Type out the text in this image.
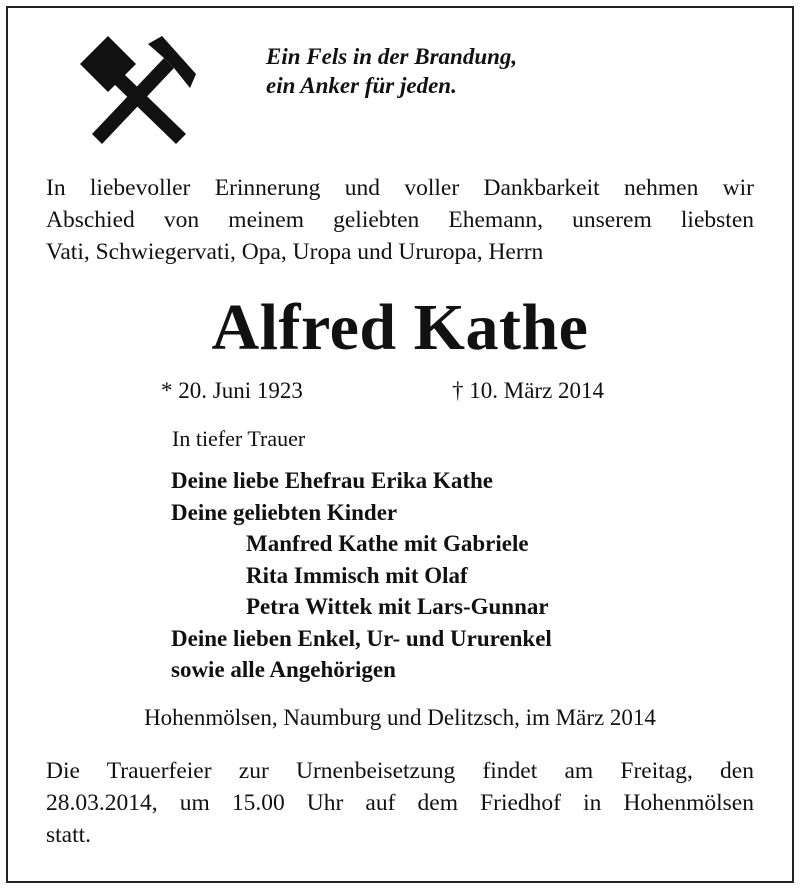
Ein Fels in der Brandung,
ein Anker für jeden.
In liebevoller Erinnerung und voller Dankbarkeit nehmen wir
Abschied von meinem geliebten Ehemann, unserem liebsten
Vati, Schwiegervati, Opa, Uropa und Ururopa, Herrn
Alfred Kathe
* 20. Juni 1923	† 10. März 2014
In tiefer Trauer
Deine liebe Ehefrau Erika Kathe
Deine geliebten Kinder
Manfred Kathe mit Gabriele
Rita Immisch mit Olaf
Petra Wittek mit Lars-Gunnar
Deine lieben Enkel, Ur- und Ururenkel
sowie alle Angehörigen
Hohenmölsen, Naumburg und Delitzsch, im März 2014
Die Trauerfeier zur Urnenbeisetzung findet am Freitag, den
28.03.2014, um 15.00 Uhr auf dem Friedhof in Hohenmölsen
statt.
